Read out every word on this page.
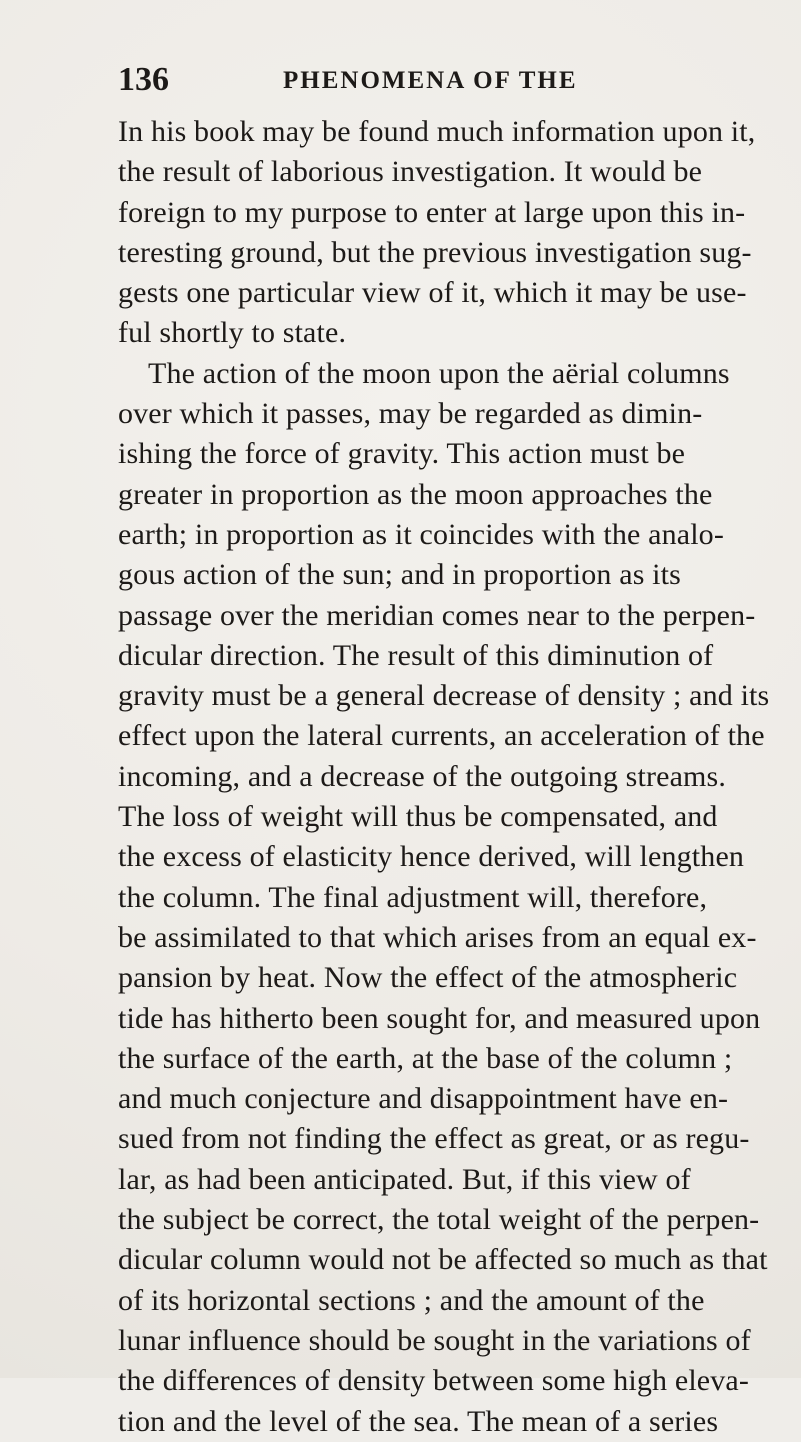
136	PHENOMENA OF THE
In his book may be found much information upon it,
the result of laborious investigation. It would be
foreign to my purpose to enter at large upon this in-
teresting ground, but the previous investigation sug-
gests one particular view of it, which it may be use-
ful shortly to state.
The action of the moon upon the aërial columns
over which it passes, may be regarded as dimin-
ishing the force of gravity. This action must be
greater in proportion as the moon approaches the
earth; in proportion as it coincides with the analo-
gous action of the sun; and in proportion as its
passage over the meridian comes near to the perpen-
dicular direction. The result of this diminution of
gravity must be a general decrease of density ; and its
effect upon the lateral currents, an acceleration of the
incoming, and a decrease of the outgoing streams.
The loss of weight will thus be compensated, and
the excess of elasticity hence derived, will lengthen
the column. The final adjustment will, therefore,
be assimilated to that which arises from an equal ex-
pansion by heat. Now the effect of the atmospheric
tide has hitherto been sought for, and measured upon
the surface of the earth, at the base of the column ;
and much conjecture and disappointment have en-
sued from not finding the effect as great, or as regu-
lar, as had been anticipated. But, if this view of
the subject be correct, the total weight of the perpen-
dicular column would not be affected so much as that
of its horizontal sections ; and the amount of the
lunar influence should be sought in the variations of
the differences of density between some high eleva-
tion and the level of the sea. The mean of a series
